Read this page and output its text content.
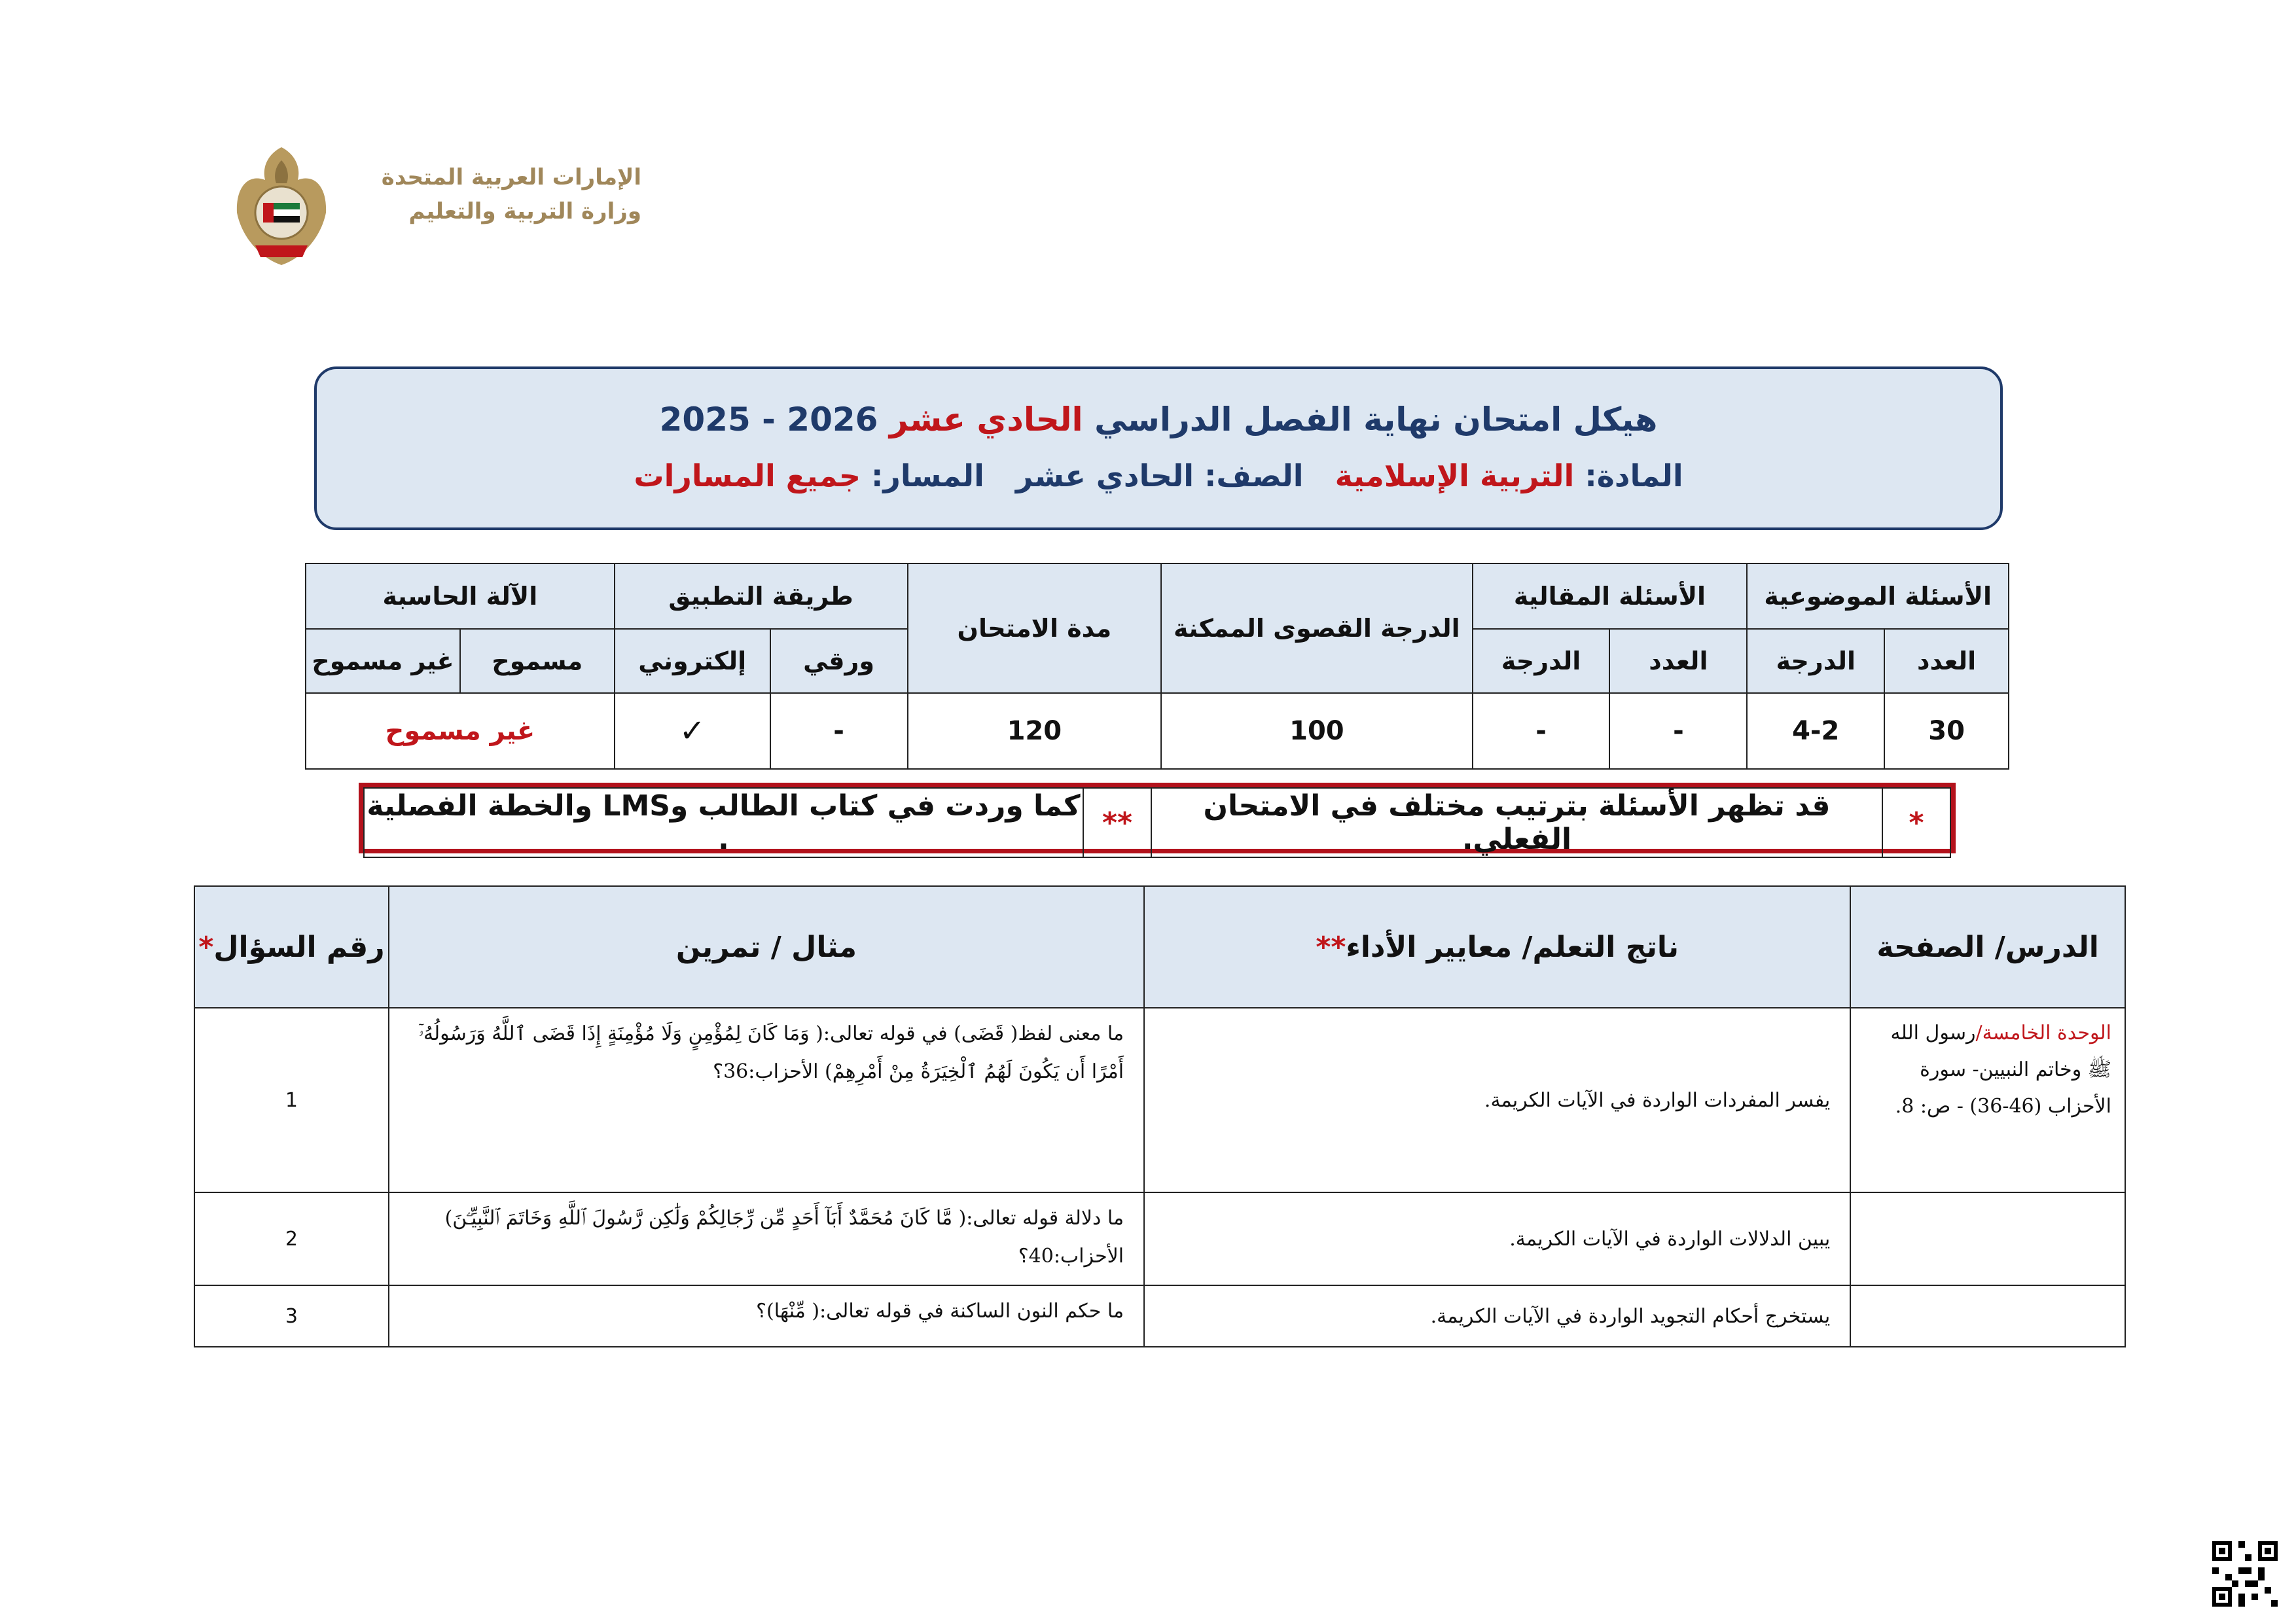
الإمارات العربية المتحدة
وزارة التربية والتعليم
هيكل امتحان نهاية الفصل الدراسي الحادي عشر 2025 - 2026
المادة: التربية الإسلامية   الصف: الحادي عشر   المسار: جميع المسارات
الأسئلة الموضوعية		الأسئلة المقالية		الدرجة القصوى الممكنة	مدة الامتحان	طريقة التطبيق		الآلة الحاسبة	
العدد	الدرجة	العدد	الدرجة			ورقي	إلكتروني	مسموح	غير مسموح
30	4-2	-	-	100	120	-	✓	غير مسموح	
*	قد تظهر الأسئلة بترتيب مختلف في الامتحان الفعلي.	**	كما وردت في كتاب الطالب وLMS والخطة الفصلية .
الدرس/ الصفحة	ناتج التعلم/ معايير الأداء**	مثال / تمرين	رقم السؤال*
الوحدة الخامسة/رسول الله ﷺ وخاتم النبيين- سورة الأحزاب (46-36) - ص: 8.	يفسر المفردات الواردة في الآيات الكريمة.	ما معنى لفظ( قَضَى) في قوله تعالى:( وَمَا كَانَ لِمُؤْمِنٍ وَلَا مُؤْمِنَةٍ إِذَا قَضَى ٱللَّهُ وَرَسُولُهُۥٓ أَمْرًا أَن يَكُونَ لَهُمُ ٱلْخِيَرَةُ مِنْ أَمْرِهِمْ) الأحزاب:36؟	1
	يبين الدلالات الواردة في الآيات الكريمة.	ما دلالة قوله تعالى:( مَّا كَانَ مُحَمَّدٌ أَبَآ أَحَدٍ مِّن رِّجَالِكُمْ وَلَٰكِن رَّسُولَ ٱللَّهِ وَخَاتَمَ ٱلنَّبِيِّـۧنَ) الأحزاب:40؟	2
	يستخرج أحكام التجويد الواردة في الآيات الكريمة.	ما حكم النون الساكنة في قوله تعالى:( مِّنْهَا)؟	3
